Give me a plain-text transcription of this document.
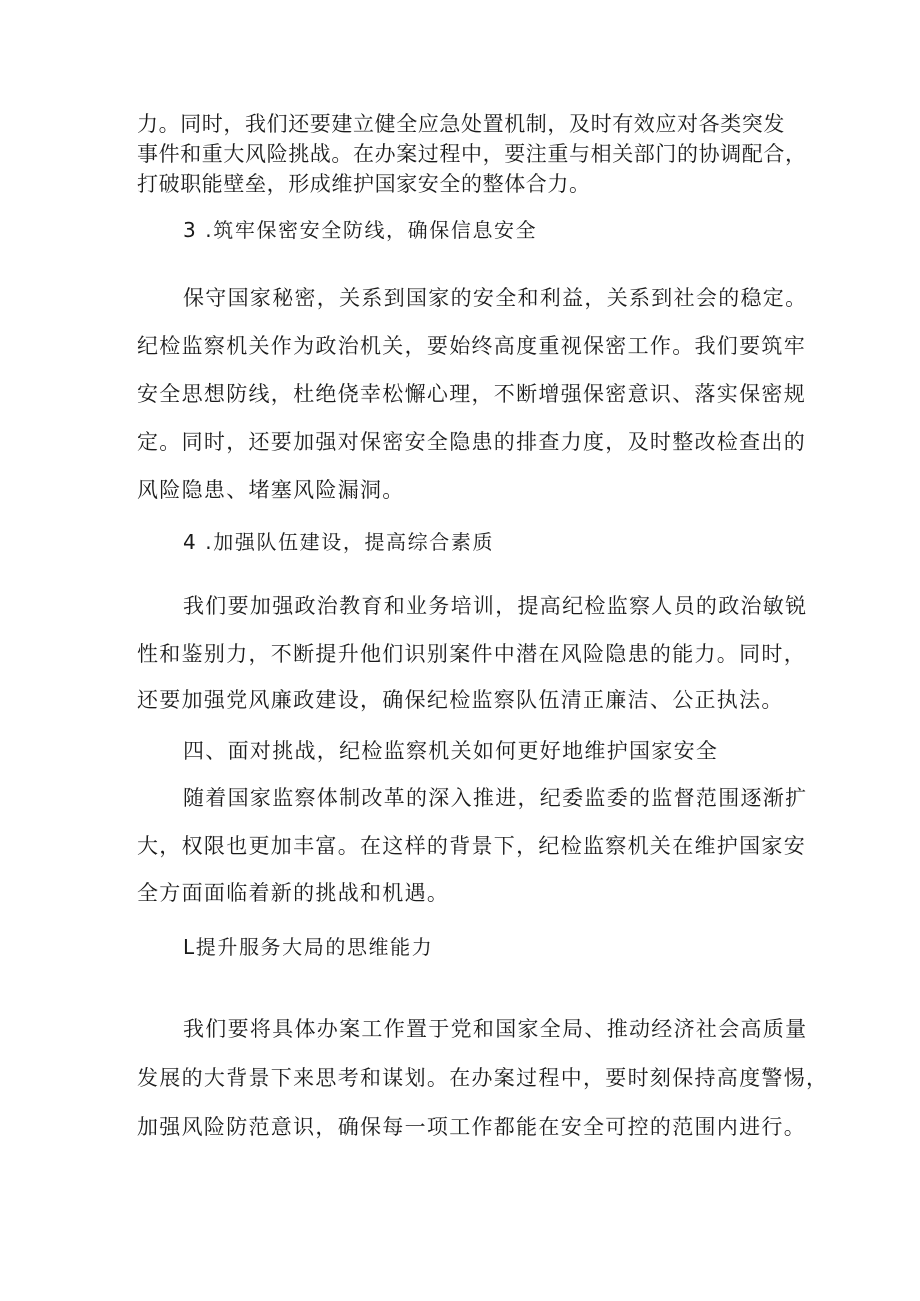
力。同时，我们还要建立健全应急处置机制，及时有效应对各类突发
事件和重大风险挑战。在办案过程中，要注重与相关部门的协调配合，
打破职能壁垒，形成维护国家安全的整体合力。
3 .筑牢保密安全防线，确保信息安全
保守国家秘密，关系到国家的安全和利益，关系到社会的稳定。
纪检监察机关作为政治机关，要始终高度重视保密工作。我们要筑牢
安全思想防线，杜绝侥幸松懈心理，不断增强保密意识、落实保密规
定。同时，还要加强对保密安全隐患的排查力度，及时整改检查出的
风险隐患、堵塞风险漏洞。
4 .加强队伍建设，提高综合素质
我们要加强政治教育和业务培训，提高纪检监察人员的政治敏锐
性和鉴别力，不断提升他们识别案件中潜在风险隐患的能力。同时，
还要加强党风廉政建设，确保纪检监察队伍清正廉洁、公正执法。
四、面对挑战，纪检监察机关如何更好地维护国家安全
随着国家监察体制改革的深入推进，纪委监委的监督范围逐渐扩
大，权限也更加丰富。在这样的背景下，纪检监察机关在维护国家安
全方面面临着新的挑战和机遇。
L提升服务大局的思维能力
我们要将具体办案工作置于党和国家全局、推动经济社会高质量
发展的大背景下来思考和谋划。在办案过程中，要时刻保持高度警惕，
加强风险防范意识，确保每一项工作都能在安全可控的范围内进行。
